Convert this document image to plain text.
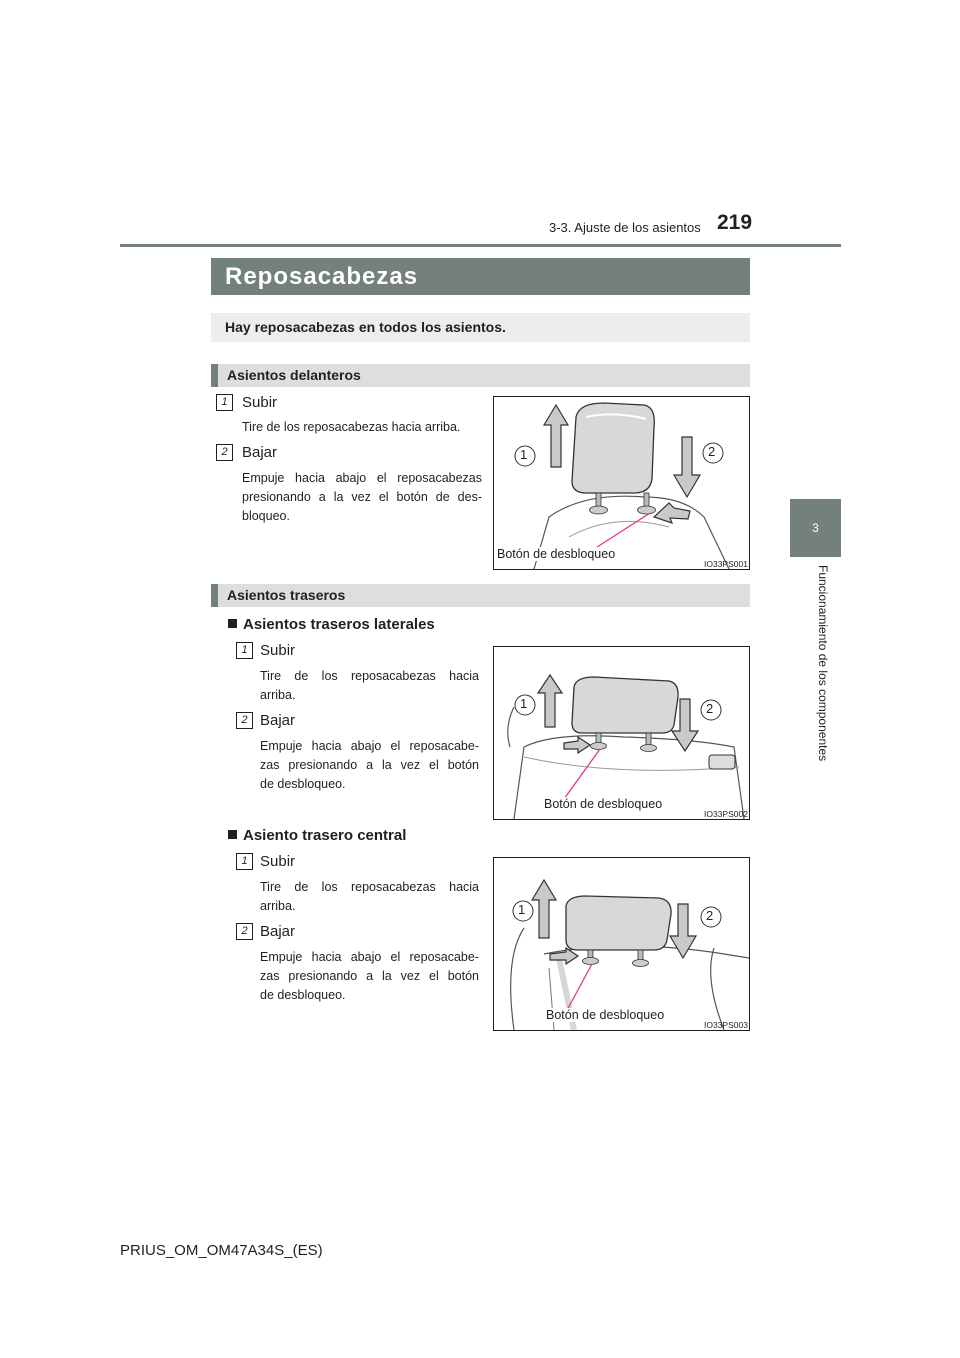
3-3. Ajuste de los asientos 219
3
Funcionamiento de los componentes
Reposacabezas
Hay reposacabezas en todos los asientos.
Asientos delanteros
1 Subir
Tire de los reposacabezas hacia arriba.
2 Bajar
Empuje hacia abajo el reposacabezas
presionando a la vez el botón de des-
bloqueo.
1	2
Botón de desbloqueo
IO33PS001
Asientos traseros
Asientos traseros laterales
1 Subir
Tire de los reposacabezas hacia
arriba.
2 Bajar
Empuje hacia abajo el reposacabe-
zas presionando a la vez el botón
de desbloqueo.
1	2
Botón de desbloqueo
IO33PS002
Asiento trasero central
1 Subir
Tire de los reposacabezas hacia
arriba.
2 Bajar
Empuje hacia abajo el reposacabe-
zas presionando a la vez el botón
de desbloqueo.
1	2
Botón de desbloqueo
IO33PS003
PRIUS_OM_OM47A34S_(ES)
